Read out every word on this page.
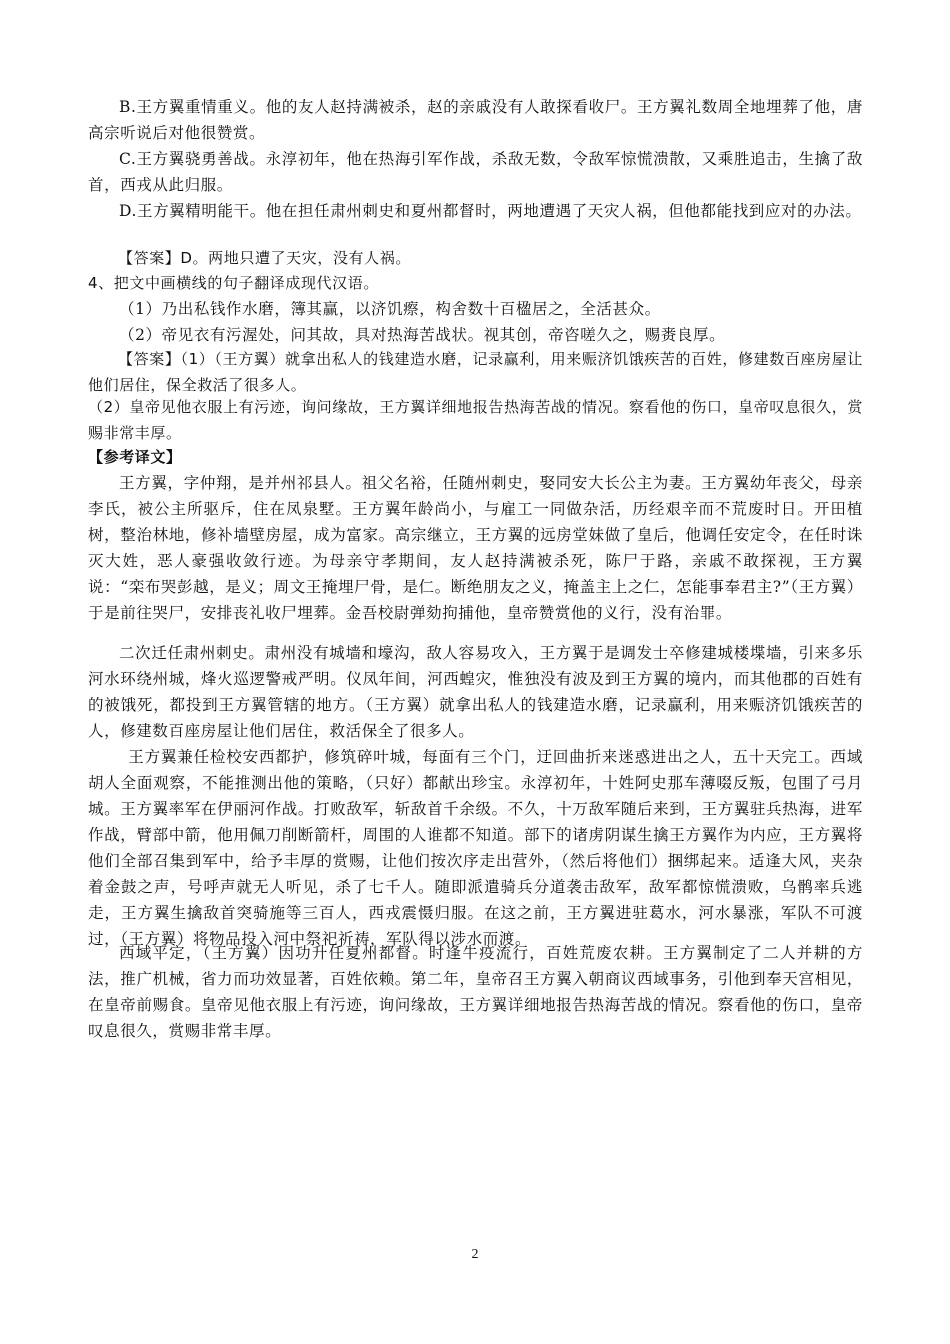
B.王方翼重情重义。他的友人赵持满被杀，赵的亲戚没有人敢探看收尸。王方翼礼数周全地埋葬了他，唐高宗听说后对他很赞赏。

C.王方翼骁勇善战。永淳初年，他在热海引军作战，杀敌无数，令敌军惊慌溃散，又乘胜追击，生擒了敌首，西戎从此归服。

D.王方翼精明能干。他在担任肃州刺史和夏州都督时，两地遭遇了天灾人祸，但他都能找到应对的办法。

【答案】D。两地只遭了天灾，没有人祸。

4、把文中画横线的句子翻译成现代汉语。

（1）乃出私钱作水磨，簿其赢，以济饥瘵，构舍数十百楹居之，全活甚众。

（2）帝见衣有污渥处，问其故，具对热海苦战状。视其创，帝咨嗟久之，赐赉良厚。

【答案】（1）（王方翼）就拿出私人的钱建造水磨，记录赢利，用来赈济饥饿疾苦的百姓，修建数百座房屋让他们居住，保全救活了很多人。

（2）皇帝见他衣服上有污迹，询问缘故，王方翼详细地报告热海苦战的情况。察看他的伤口，皇帝叹息很久，赏赐非常丰厚。

【参考译文】

王方翼，字仲翔，是并州祁县人。祖父名裕，任随州刺史，娶同安大长公主为妻。王方翼幼年丧父，母亲李氏，被公主所驱斥，住在凤泉墅。王方翼年龄尚小，与雇工一同做杂活，历经艰辛而不荒废时日。开田植树，整治林地，修补墙壁房屋，成为富家。高宗继立，王方翼的远房堂妹做了皇后，他调任安定令，在任时诛灭大姓，恶人豪强收敛行迹。为母亲守孝期间，友人赵持满被杀死，陈尸于路，亲戚不敢探视，王方翼说：“栾布哭彭越，是义；周文王掩埋尸骨，是仁。断绝朋友之义，掩盖主上之仁，怎能事奉君主?”（王方翼）于是前往哭尸，安排丧礼收尸埋葬。金吾校尉弹劾拘捕他，皇帝赞赏他的义行，没有治罪。

二次迁任肃州刺史。肃州没有城墙和壕沟，敌人容易攻入，王方翼于是调发士卒修建城楼堞墙，引来多乐河水环绕州城，烽火巡逻警戒严明。仪凤年间，河西蝗灾，惟独没有波及到王方翼的境内，而其他郡的百姓有的被饿死，都投到王方翼管辖的地方。（王方翼）就拿出私人的钱建造水磨，记录赢利，用来赈济饥饿疾苦的人，修建数百座房屋让他们居住，救活保全了很多人。

王方翼兼任检校安西都护，修筑碎叶城，每面有三个门，迂回曲折来迷惑进出之人，五十天完工。西域胡人全面观察，不能推测出他的策略，（只好）都献出珍宝。永淳初年，十姓阿史那车薄啜反叛，包围了弓月城。王方翼率军在伊丽河作战。打败敌军，斩敌首千余级。不久，十万敌军随后来到，王方翼驻兵热海，进军作战，臂部中箭，他用佩刀削断箭杆，周围的人谁都不知道。部下的诸虏阴谋生擒王方翼作为内应，王方翼将他们全部召集到军中，给予丰厚的赏赐，让他们按次序走出营外，（然后将他们）捆绑起来。适逢大风，夹杂着金鼓之声，号呼声就无人听见，杀了七千人。随即派遣骑兵分道袭击敌军，敌军都惊慌溃败，乌鹘率兵逃走，王方翼生擒敌首突骑施等三百人，西戎震慑归服。在这之前，王方翼进驻葛水，河水暴涨，军队不可渡过，（王方翼）将物品投入河中祭祀祈祷，军队得以涉水而渡。

西域平定，（王方翼）因功升任夏州都督。时逢牛疫流行，百姓荒废农耕。王方翼制定了二人并耕的方法，推广机械，省力而功效显著，百姓依赖。第二年，皇帝召王方翼入朝商议西域事务，引他到奉天宫相见，在皇帝前赐食。皇帝见他衣服上有污迹，询问缘故，王方翼详细地报告热海苦战的情况。察看他的伤口，皇帝叹息很久，赏赐非常丰厚。

2
